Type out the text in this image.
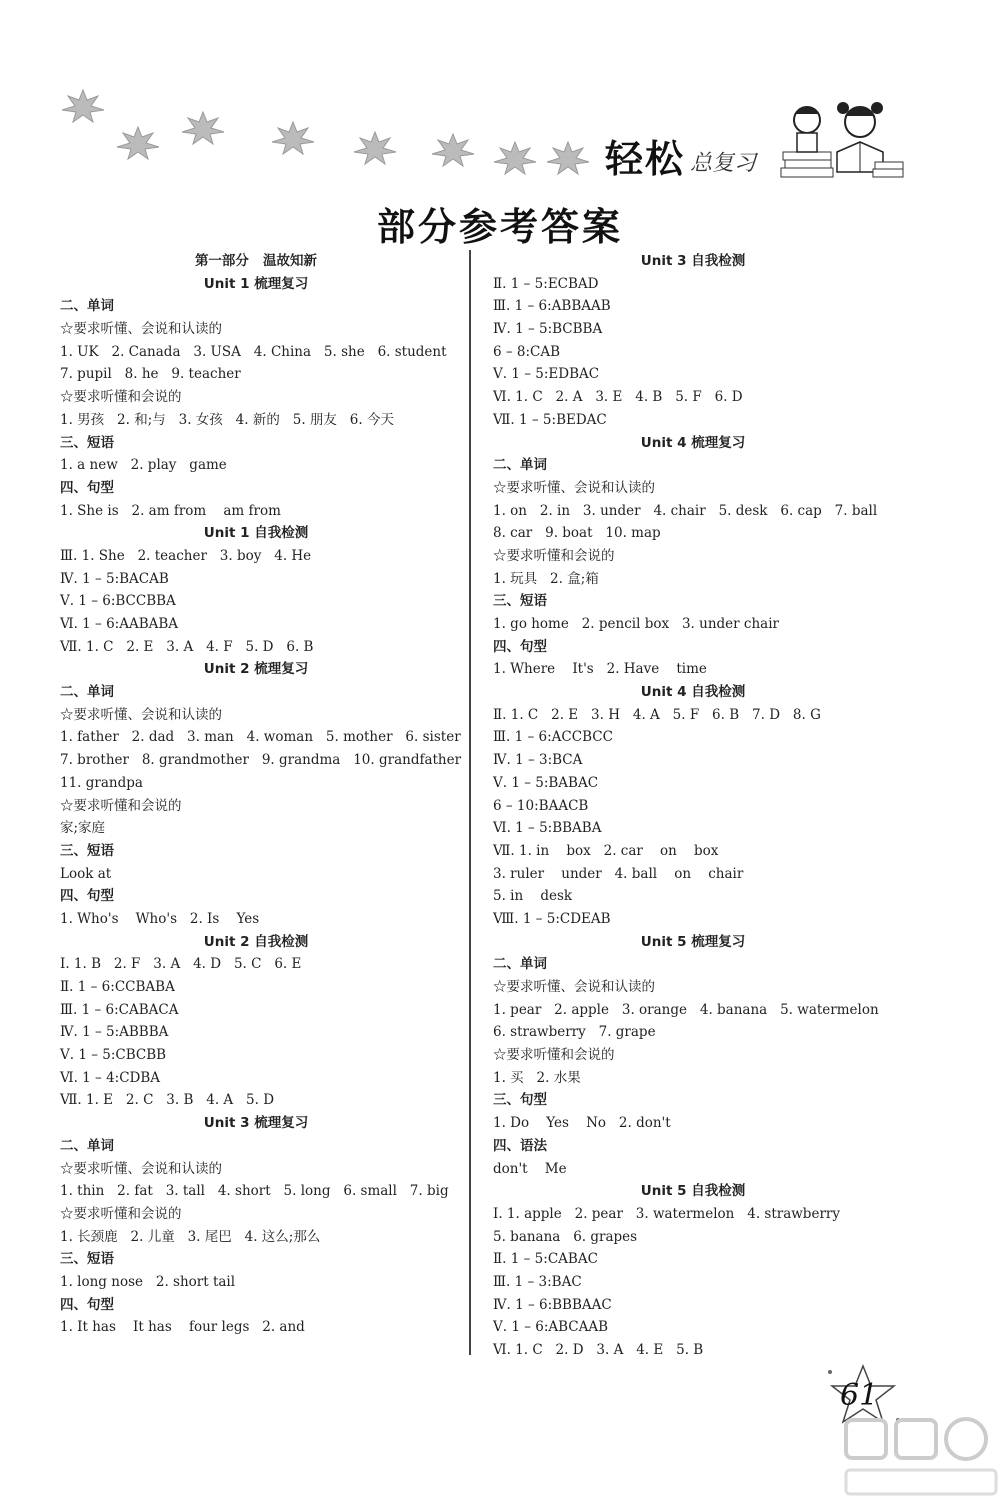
轻松 总复习
部分参考答案
第一部分   温故知新
Unit 1 梳理复习
二、单词
☆要求听懂、会说和认读的
1. UK   2. Canada   3. USA   4. China   5. she   6. student
7. pupil   8. he   9. teacher
☆要求听懂和会说的
1. 男孩   2. 和;与   3. 女孩   4. 新的   5. 朋友   6. 今天
三、短语
1. a new   2. play   game
四、句型
1. She is   2. am from    am from
Unit 1 自我检测
Ⅲ. 1. She   2. teacher   3. boy   4. He
Ⅳ. 1 – 5:BACAB
Ⅴ. 1 – 6:BCCBBA
Ⅵ. 1 – 6:AABABA
Ⅶ. 1. C   2. E   3. A   4. F   5. D   6. B
Unit 2 梳理复习
二、单词
☆要求听懂、会说和认读的
1. father   2. dad   3. man   4. woman   5. mother   6. sister
7. brother   8. grandmother   9. grandma   10. grandfather
11. grandpa
☆要求听懂和会说的
家;家庭
三、短语
Look at
四、句型
1. Who's    Who's   2. Is    Yes
Unit 2 自我检测
Ⅰ. 1. B   2. F   3. A   4. D   5. C   6. E
Ⅱ. 1 – 6:CCBABA
Ⅲ. 1 – 6:CABACA
Ⅳ. 1 – 5:ABBBA
Ⅴ. 1 – 5:CBCBB
Ⅵ. 1 – 4:CDBA
Ⅶ. 1. E   2. C   3. B   4. A   5. D
Unit 3 梳理复习
二、单词
☆要求听懂、会说和认读的
1. thin   2. fat   3. tall   4. short   5. long   6. small   7. big
☆要求听懂和会说的
1. 长颈鹿   2. 儿童   3. 尾巴   4. 这么;那么
三、短语
1. long nose   2. short tail
四、句型
1. It has    It has    four legs   2. and
Unit 3 自我检测
Ⅱ. 1 – 5:ECBAD
Ⅲ. 1 – 6:ABBAAB
Ⅳ. 1 – 5:BCBBA
6 – 8:CAB
Ⅴ. 1 – 5:EDBAC
Ⅵ. 1. C   2. A   3. E   4. B   5. F   6. D
Ⅶ. 1 – 5:BEDAC
Unit 4 梳理复习
二、单词
☆要求听懂、会说和认读的
1. on   2. in   3. under   4. chair   5. desk   6. cap   7. ball
8. car   9. boat   10. map
☆要求听懂和会说的
1. 玩具   2. 盒;箱
三、短语
1. go home   2. pencil box   3. under chair
四、句型
1. Where    It's   2. Have    time
Unit 4 自我检测
Ⅱ. 1. C   2. E   3. H   4. A   5. F   6. B   7. D   8. G
Ⅲ. 1 – 6:ACCBCC
Ⅳ. 1 – 3:BCA
Ⅴ. 1 – 5:BABAC
6 – 10:BAACB
Ⅵ. 1 – 5:BBABA
Ⅶ. 1. in    box   2. car    on    box
3. ruler    under   4. ball    on    chair
5. in    desk
Ⅷ. 1 – 5:CDEAB
Unit 5 梳理复习
二、单词
☆要求听懂、会说和认读的
1. pear   2. apple   3. orange   4. banana   5. watermelon
6. strawberry   7. grape
☆要求听懂和会说的
1. 买   2. 水果
三、句型
1. Do    Yes    No   2. don't
四、语法
don't    Me
Unit 5 自我检测
Ⅰ. 1. apple   2. pear   3. watermelon   4. strawberry
5. banana   6. grapes
Ⅱ. 1 – 5:CABAC
Ⅲ. 1 – 3:BAC
Ⅳ. 1 – 6:BBBAAC
Ⅴ. 1 – 6:ABCAAB
Ⅵ. 1. C   2. D   3. A   4. E   5. B
61
